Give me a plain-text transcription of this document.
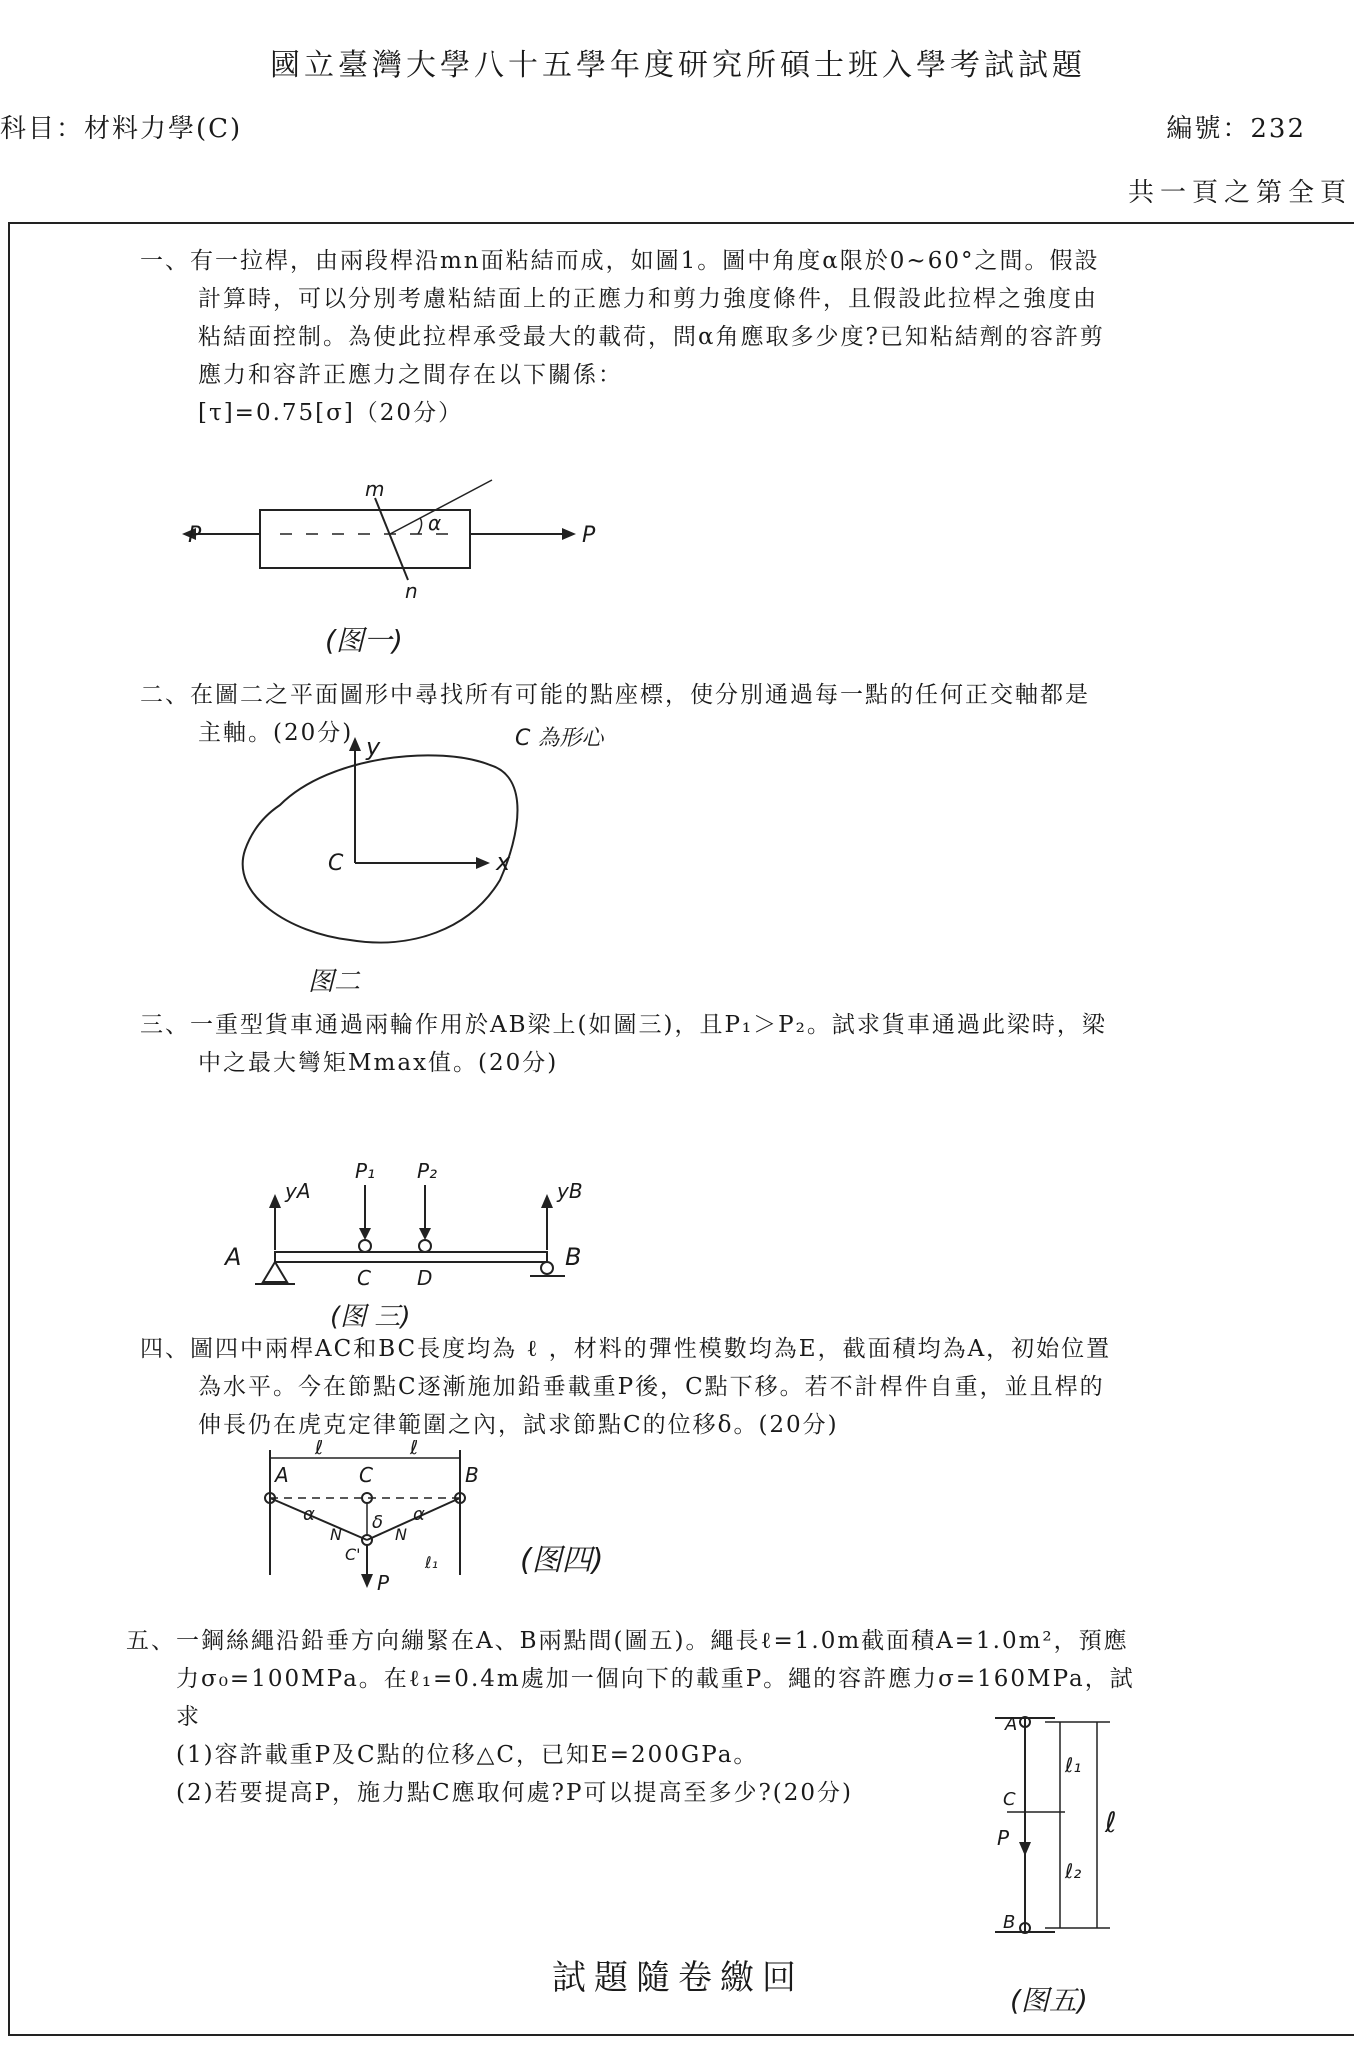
國立臺灣大學八十五學年度研究所碩士班入學考試試題
科目：材料力學(C)	編號：232
共一頁之第全頁
一、有一拉桿，由兩段桿沿mn面粘結而成，如圖1。圖中角度α限於0~60°之間。假設
計算時，可以分別考慮粘結面上的正應力和剪力強度條件，且假設此拉桿之強度由
粘結面控制。為使此拉桿承受最大的載荷，問α角應取多少度?已知粘結劑的容許剪
應力和容許正應力之間存在以下關係：
[τ]=0.75[σ]（20分）
P	P
m
n
α
(图一)
二、在圖二之平面圖形中尋找所有可能的點座標，使分別通過每一點的任何正交軸都是
主軸。(20分) y
x
C
C 為形心
图二
三、一重型貨車通過兩輪作用於AB梁上(如圖三)，且P₁＞P₂。試求貨車通過此梁時，梁
中之最大彎矩Mmax值。(20分)
yA	yB
P₁ P₂
A	B
C D
(图 三)
四、圖四中兩桿AC和BC長度均為 ℓ ，材料的彈性模數均為E，截面積均為A，初始位置
為水平。今在節點C逐漸施加鉛垂載重P後，C點下移。若不計桿件自重，並且桿的
伸長仍在虎克定律範圍之內，試求節點C的位移δ。(20分)
A	C	B
ℓ	ℓ
α	α
δ
N	N
C'
P
ℓ₁	(图四)
五、一鋼絲繩沿鉛垂方向繃緊在A、B兩點間(圖五)。繩長ℓ=1.0m截面積A=1.0m²，預應
力σ₀=100MPa。在ℓ₁=0.4m處加一個向下的載重P。繩的容許應力σ=160MPa，試
求
(1)容許載重P及C點的位移△C，已知E=200GPa。
(2)若要提高P，施力點C應取何處?P可以提高至多少?(20分)
A
C
P
B
ℓ₁
ℓ₂
ℓ
(图五)
試題隨卷繳回
